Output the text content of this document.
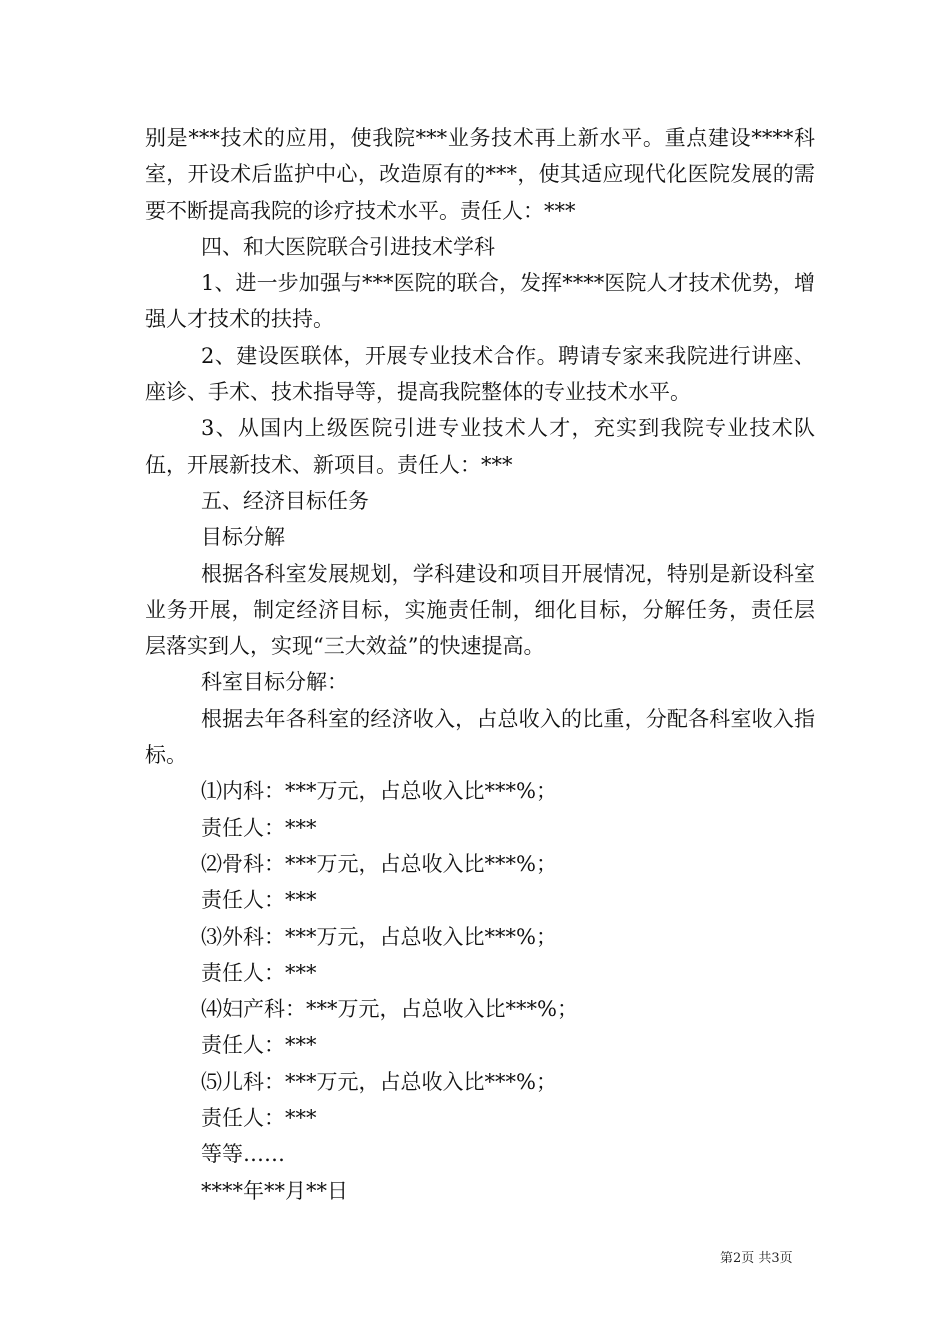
别是***技术的应用，使我院***业务技术再上新水平。重点建设****科室，开设术后监护中心，改造原有的***，使其适应现代化医院发展的需要不断提高我院的诊疗技术水平。责任人：***

四、和大医院联合引进技术学科

1、进一步加强与***医院的联合，发挥****医院人才技术优势，增强人才技术的扶持。

2、建设医联体，开展专业技术合作。聘请专家来我院进行讲座、座诊、手术、技术指导等，提高我院整体的专业技术水平。

3、从国内上级医院引进专业技术人才，充实到我院专业技术队伍，开展新技术、新项目。责任人：***

五、经济目标任务

目标分解

根据各科室发展规划，学科建设和项目开展情况，特别是新设科室业务开展，制定经济目标，实施责任制，细化目标，分解任务，责任层层落实到人，实现“三大效益”的快速提高。

科室目标分解：

根据去年各科室的经济收入，占总收入的比重，分配各科室收入指标。

⑴内科：***万元，占总收入比***%；

责任人：***

⑵骨科：***万元，占总收入比***%；

责任人：***

⑶外科：***万元，占总收入比***%；

责任人：***

⑷妇产科：***万元，占总收入比***%；

责任人：***

⑸儿科：***万元，占总收入比***%；

责任人：***

等等……

****年**月**日

第2页 共3页
